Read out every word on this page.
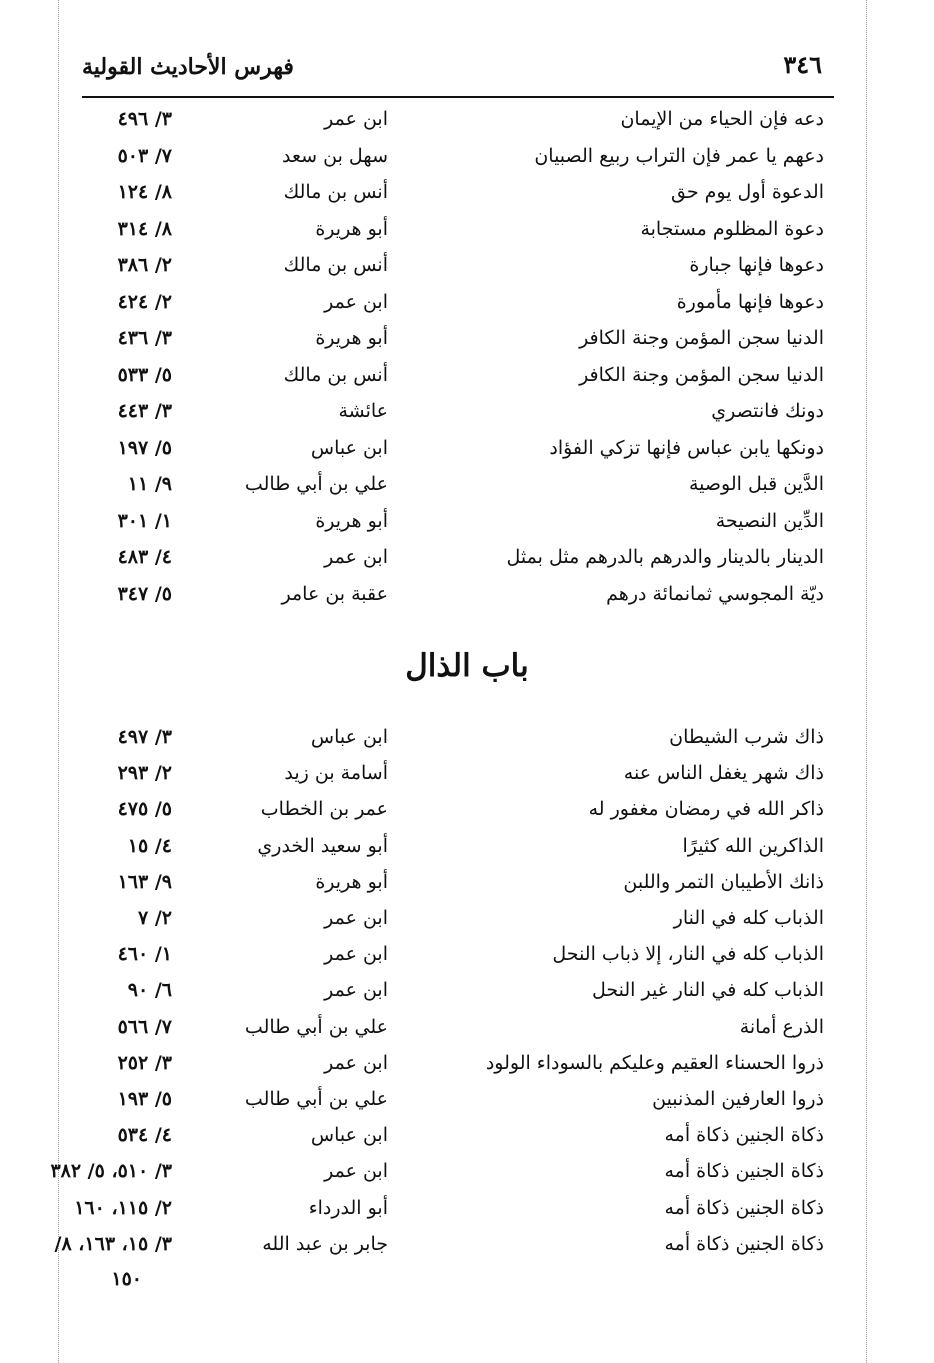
٣٤٦
فهرس الأحاديث القولية
باب الذال
دعه فإن الحياء من الإيمان
ابن عمر
٣/ ٤٩٦
دعهم يا عمر فإن التراب ربيع الصبيان
سهل بن سعد
٧/ ٥٠٣
الدعوة أول يوم حق
أنس بن مالك
٨/ ١٢٤
دعوة المظلوم مستجابة
أبو هريرة
٨/ ٣١٤
دعوها فإنها جبارة
أنس بن مالك
٢/ ٣٨٦
دعوها فإنها مأمورة
ابن عمر
٢/ ٤٢٤
الدنيا سجن المؤمن وجنة الكافر
أبو هريرة
٣/ ٤٣٦
الدنيا سجن المؤمن وجنة الكافر
أنس بن مالك
٥/ ٥٣٣
دونك فانتصري
عائشة
٣/ ٤٤٣
دونكها يابن عباس فإنها تزكي الفؤاد
ابن عباس
٥/ ١٩٧
الدَّين قبل الوصية
علي بن أبي طالب
٩/ ١١
الدِّين النصيحة
أبو هريرة
١/ ٣٠١
الدينار بالدينار والدرهم بالدرهم مثل بمثل
ابن عمر
٤/ ٤٨٣
ديّة المجوسي ثمانمائة درهم
عقبة بن عامر
٥/ ٣٤٧
ذاك شرب الشيطان
ابن عباس
٣/ ٤٩٧
ذاك شهر يغفل الناس عنه
أسامة بن زيد
٢/ ٢٩٣
ذاكر الله في رمضان مغفور له
عمر بن الخطاب
٥/ ٤٧٥
الذاكرين الله كثيرًا
أبو سعيد الخدري
٤/ ١٥
ذانك الأطيبان التمر واللبن
أبو هريرة
٩/ ١٦٣
الذباب كله في النار
ابن عمر
٢/ ٧
الذباب كله في النار، إلا ذباب النحل
ابن عمر
١/ ٤٦٠
الذباب كله في النار غير النحل
ابن عمر
٦/ ٩٠
الذرع أمانة
علي بن أبي طالب
٧/ ٥٦٦
ذروا الحسناء العقيم وعليكم بالسوداء الولود
ابن عمر
٣/ ٢٥٢
ذروا العارفين المذنبين
علي بن أبي طالب
٥/ ١٩٣
ذكاة الجنين ذكاة أمه
ابن عباس
٤/ ٥٣٤
ذكاة الجنين ذكاة أمه
ابن عمر
٣/ ٥١٠، ٥/ ٣٨٢
ذكاة الجنين ذكاة أمه
أبو الدرداء
٢/ ١١٥، ١٦٠
ذكاة الجنين ذكاة أمه
جابر بن عبد الله
٣/ ١٥، ١٦٣، ٨/
١٥٠
